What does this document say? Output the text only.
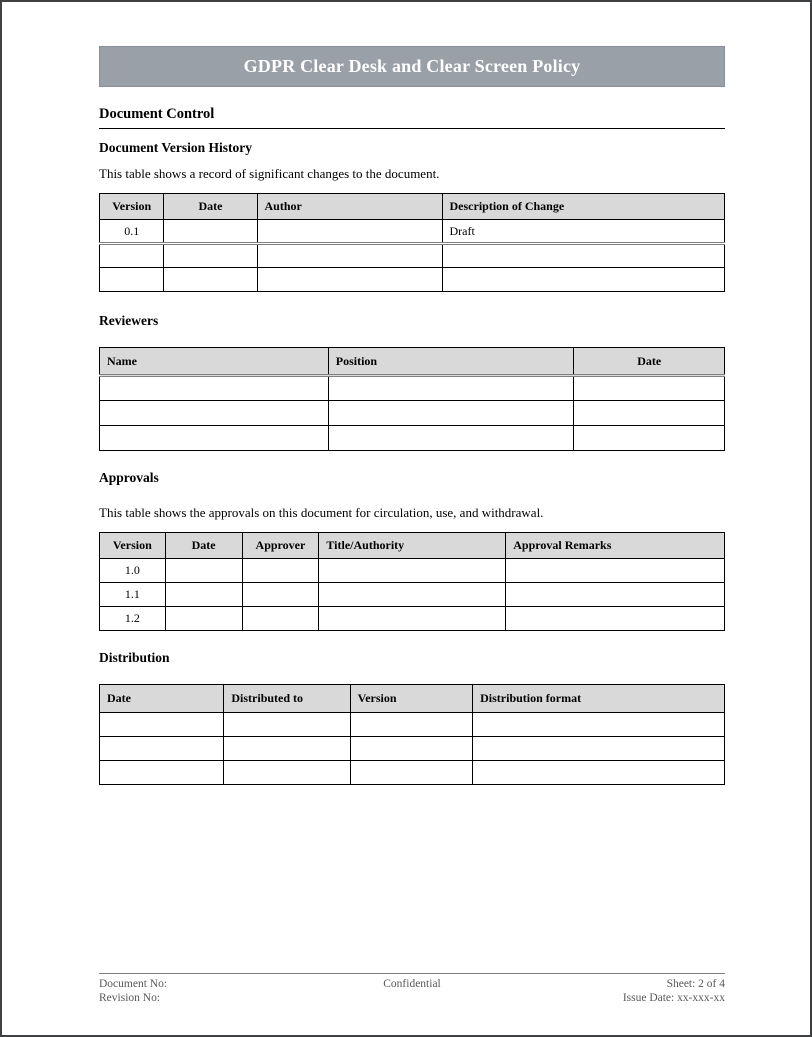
GDPR Clear Desk and Clear Screen Policy
Document Control
Document Version History

This table shows a record of significant changes to the document.

Version	Date	Author	Description of Change
0.1			Draft

Reviewers
Name	Position	Date

Approvals

This table shows the approvals on this document for circulation, use, and withdrawal.

Version	Date	Approver	Title/Authority	Approval Remarks
1.0				
1.1				
1.2				
Distribution
Date	Distributed to	Version	Distribution format

Document No:
Revision No:
Confidential	Sheet: 2 of 4
Issue Date: xx-xxx-xx
